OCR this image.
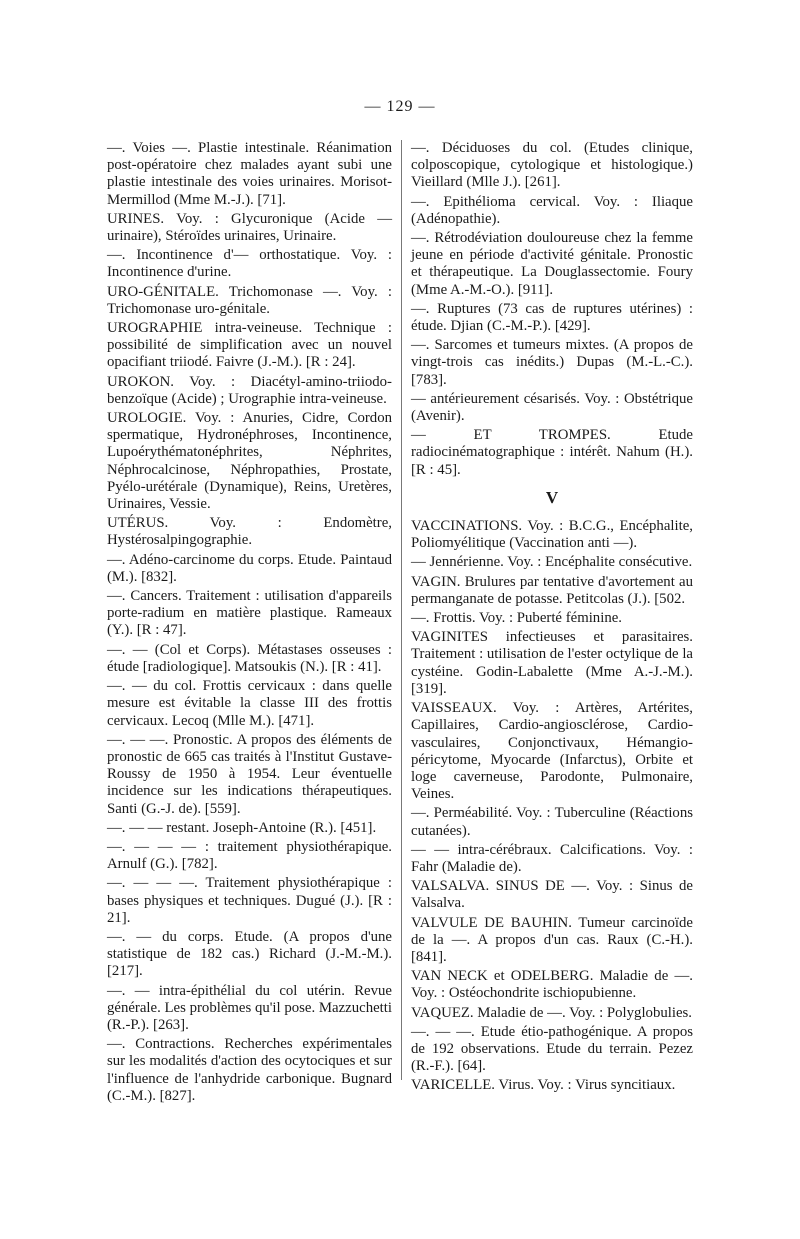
— 129 —
—. Voies —. Plastie intestinale. Réanimation post-opératoire chez malades ayant subi une plastie intestinale des voies urinaires. Morisot-Mermillod (Mme M.-J.). [71].
URINES. Voy. : Glycuronique (Acide — urinaire), Stéroïdes urinaires, Urinaire.
—. Incontinence d'— orthostatique. Voy. : Incontinence d'urine.
URO-GÉNITALE. Trichomonase —. Voy. : Trichomonase uro-génitale.
UROGRAPHIE intra-veineuse. Technique : possibilité de simplification avec un nouvel opacifiant triiodé. Faivre (J.-M.). [R : 24].
UROKON. Voy. : Diacétyl-amino-triiodo-benzoïque (Acide) ; Urographie intra-veineuse.
UROLOGIE. Voy. : Anuries, Cidre, Cordon spermatique, Hydronéphroses, Incontinence, Lupoérythématonéphrites, Néphrites, Néphrocalcinose, Néphropathies, Prostate, Pyélo-urétérale (Dynamique), Reins, Uretères, Urinaires, Vessie.
UTÉRUS. Voy. : Endomètre, Hystérosalpingographie.
—. Adéno-carcinome du corps. Etude. Paintaud (M.). [832].
—. Cancers. Traitement : utilisation d'appareils porte-radium en matière plastique. Rameaux (Y.). [R : 47].
—. — (Col et Corps). Métastases osseuses : étude [radiologique]. Matsoukis (N.). [R : 41].
—. — du col. Frottis cervicaux : dans quelle mesure est évitable la classe III des frottis cervicaux. Lecoq (Mlle M.). [471].
—. — —. Pronostic. A propos des éléments de pronostic de 665 cas traités à l'Institut Gustave-Roussy de 1950 à 1954. Leur éventuelle incidence sur les indications thérapeutiques. Santi (G.-J. de). [559].
—. — — restant. Joseph-Antoine (R.). [451].
—. — — — : traitement physiothérapique. Arnulf (G.). [782].
—. — — —. Traitement physiothérapique : bases physiques et techniques. Dugué (J.). [R : 21].
—. — du corps. Etude. (A propos d'une statistique de 182 cas.) Richard (J.-M.-M.). [217].
—. — intra-épithélial du col utérin. Revue générale. Les problèmes qu'il pose. Mazzuchetti (R.-P.). [263].
—. Contractions. Recherches expérimentales sur les modalités d'action des ocytociques et sur l'influence de l'anhydride carbonique. Bugnard (C.-M.). [827].
—. Déciduoses du col. (Etudes clinique, colposcopique, cytologique et histologique.) Vieillard (Mlle J.). [261].
—. Epithélioma cervical. Voy. : Iliaque (Adénopathie).
—. Rétrodéviation douloureuse chez la femme jeune en période d'activité génitale. Pronostic et thérapeutique. La Douglassectomie. Foury (Mme A.-M.-O.). [911].
—. Ruptures (73 cas de ruptures utérines) : étude. Djian (C.-M.-P.). [429].
—. Sarcomes et tumeurs mixtes. (A propos de vingt-trois cas inédits.) Dupas (M.-L.-C.). [783].
— antérieurement césarisés. Voy. : Obstétrique (Avenir).
— ET TROMPES. Etude radiocinématographique : intérêt. Nahum (H.). [R : 45].
V
VACCINATIONS. Voy. : B.C.G., Encéphalite, Poliomyélitique (Vaccination anti —).
— Jennérienne. Voy. : Encéphalite consécutive.
VAGIN. Brulures par tentative d'avortement au permanganate de potasse. Petitcolas (J.). [502.
—. Frottis. Voy. : Puberté féminine.
VAGINITES infectieuses et parasitaires. Traitement : utilisation de l'ester octylique de la cystéine. Godin-Labalette (Mme A.-J.-M.). [319].
VAISSEAUX. Voy. : Artères, Artérites, Capillaires, Cardio-angiosclérose, Cardio-vasculaires, Conjonctivaux, Hémangio-péricytome, Myocarde (Infarctus), Orbite et loge caverneuse, Parodonte, Pulmonaire, Veines.
—. Perméabilité. Voy. : Tuberculine (Réactions cutanées).
— — intra-cérébraux. Calcifications. Voy. : Fahr (Maladie de).
VALSALVA. SINUS DE —. Voy. : Sinus de Valsalva.
VALVULE DE BAUHIN. Tumeur carcinoïde de la —. A propos d'un cas. Raux (C.-H.). [841].
VAN NECK et ODELBERG. Maladie de —. Voy. : Ostéochondrite ischiopubienne.
VAQUEZ. Maladie de —. Voy. : Polyglobulies.
—. — —. Etude étio-pathogénique. A propos de 192 observations. Etude du terrain. Pezez (R.-F.). [64].
VARICELLE. Virus. Voy. : Virus syncitiaux.
